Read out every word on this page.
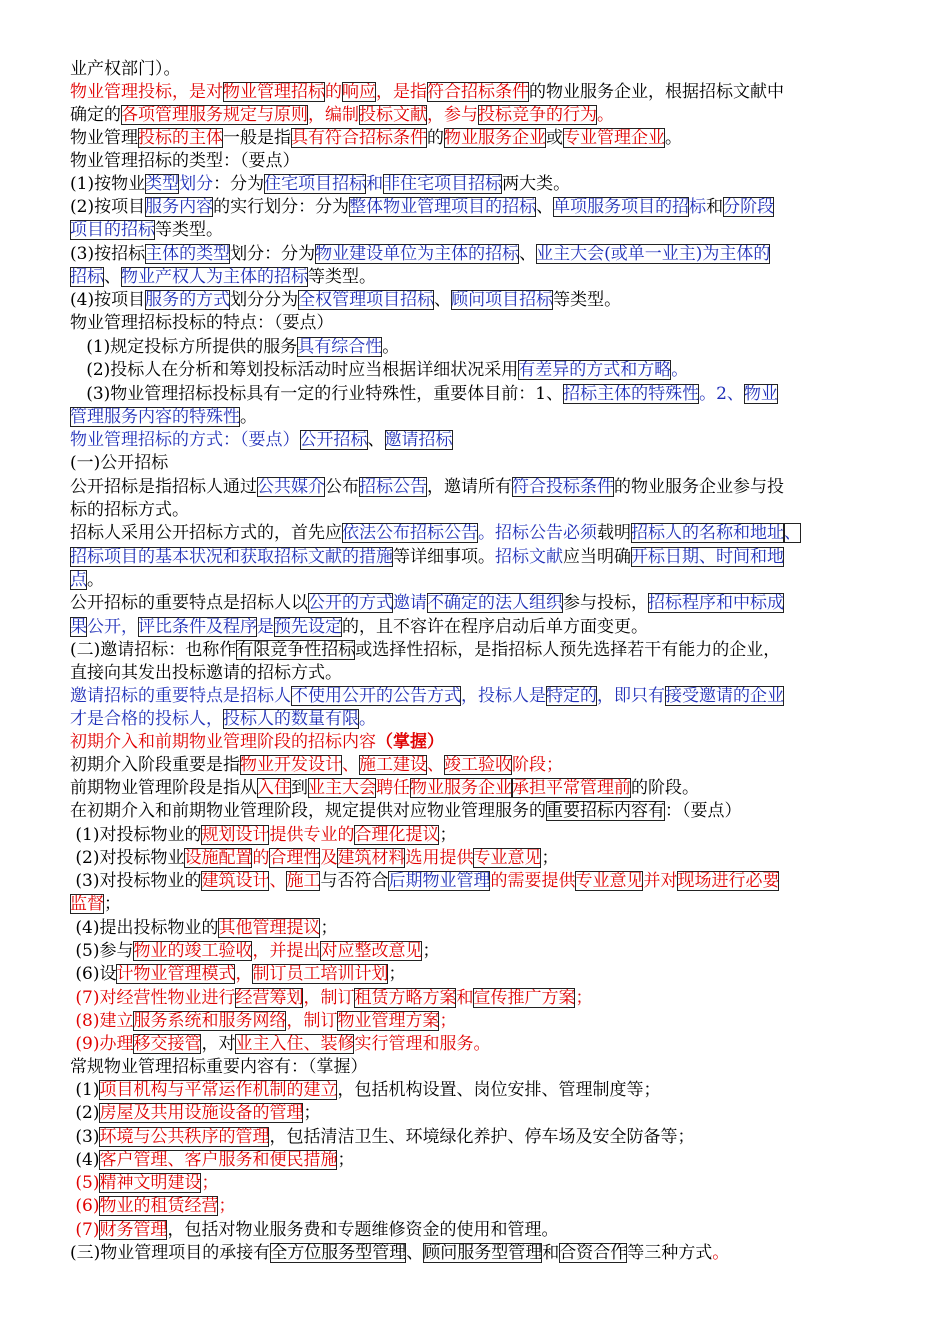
业产权部门）。
物业管理投标，是对物业管理招标的响应，是指符合招标条件的物业服务企业，根据招标文献中
确定的各项管理服务规定与原则，编制投标文献，参与投标竞争的行为。
物业管理投标的主体一般是指具有符合招标条件的物业服务企业或专业管理企业。
物业管理招标的类型：（要点）
(1)按物业类型划分：分为住宅项目招标和非住宅项目招标两大类。
(2)按项目服务内容的实行划分：分为整体物业管理项目的招标、单项服务项目的招标和分阶段
项目的招标等类型。
(3)按招标主体的类型划分：分为物业建设单位为主体的招标、业主大会(或单一业主)为主体的
招标、物业产权人为主体的招标等类型。
(4)按项目服务的方式划分分为全权管理项目招标、顾问项目招标等类型。
物业管理招标投标的特点：（要点）
(1)规定投标方所提供的服务具有综合性。
(2)投标人在分析和筹划投标活动时应当根据详细状况采用有差异的方式和方略。
(3)物业管理招标投标具有一定的行业特殊性，重要体目前：1、招标主体的特殊性。2、物业
管理服务内容的特殊性。
物业管理招标的方式：（要点）公开招标、邀请招标
(一)公开招标
公开招标是指招标人通过公共媒介公布招标公告，邀请所有符合投标条件的物业服务企业参与投
标的招标方式。
招标人采用公开招标方式的，首先应依法公布招标公告。招标公告必须载明招标人的名称和地址、
招标项目的基本状况和获取招标文献的措施等详细事项。招标文献应当明确开标日期、时间和地
点。
公开招标的重要特点是招标人以公开的方式邀请不确定的法人组织参与投标，招标程序和中标成
果公开，评比条件及程序是预先设定的，且不容许在程序启动后单方面变更。
(二)邀请招标：也称作有限竞争性招标或选择性招标，是指招标人预先选择若干有能力的企业，
直接向其发出投标邀请的招标方式。
邀请招标的重要特点是招标人不使用公开的公告方式，投标人是特定的，即只有接受邀请的企业
才是合格的投标人，投标人的数量有限。
初期介入和前期物业管理阶段的招标内容（掌握）
初期介入阶段重要是指物业开发设计、施工建设、竣工验收阶段；
前期物业管理阶段是指从入住到业主大会聘任物业服务企业承担平常管理前的阶段。
在初期介入和前期物业管理阶段，规定提供对应物业管理服务的重要招标内容有：（要点）
(1)对投标物业的规划设计提供专业的合理化提议；
(2)对投标物业设施配置的合理性及建筑材料选用提供专业意见；
(3)对投标物业的建筑设计、施工与否符合后期物业管理的需要提供专业意见并对现场进行必要
监督；
(4)提出投标物业的其他管理提议；
(5)参与物业的竣工验收，并提出对应整改意见；
(6)设计物业管理模式，制订员工培训计划；
(7)对经营性物业进行经营筹划，制订租赁方略方案和宣传推广方案；
(8)建立服务系统和服务网络，制订物业管理方案；
(9)办理移交接管，对业主入住、装修实行管理和服务。
常规物业管理招标重要内容有：（掌握）
(1)项目机构与平常运作机制的建立，包括机构设置、岗位安排、管理制度等；
(2)房屋及共用设施设备的管理；
(3)环境与公共秩序的管理，包括清洁卫生、环境绿化养护、停车场及安全防备等；
(4)客户管理、客户服务和便民措施；
(5)精神文明建设；
(6)物业的租赁经营；
(7)财务管理，包括对物业服务费和专题维修资金的使用和管理。
(三)物业管理项目的承接有全方位服务型管理、顾问服务型管理和合资合作等三种方式。
